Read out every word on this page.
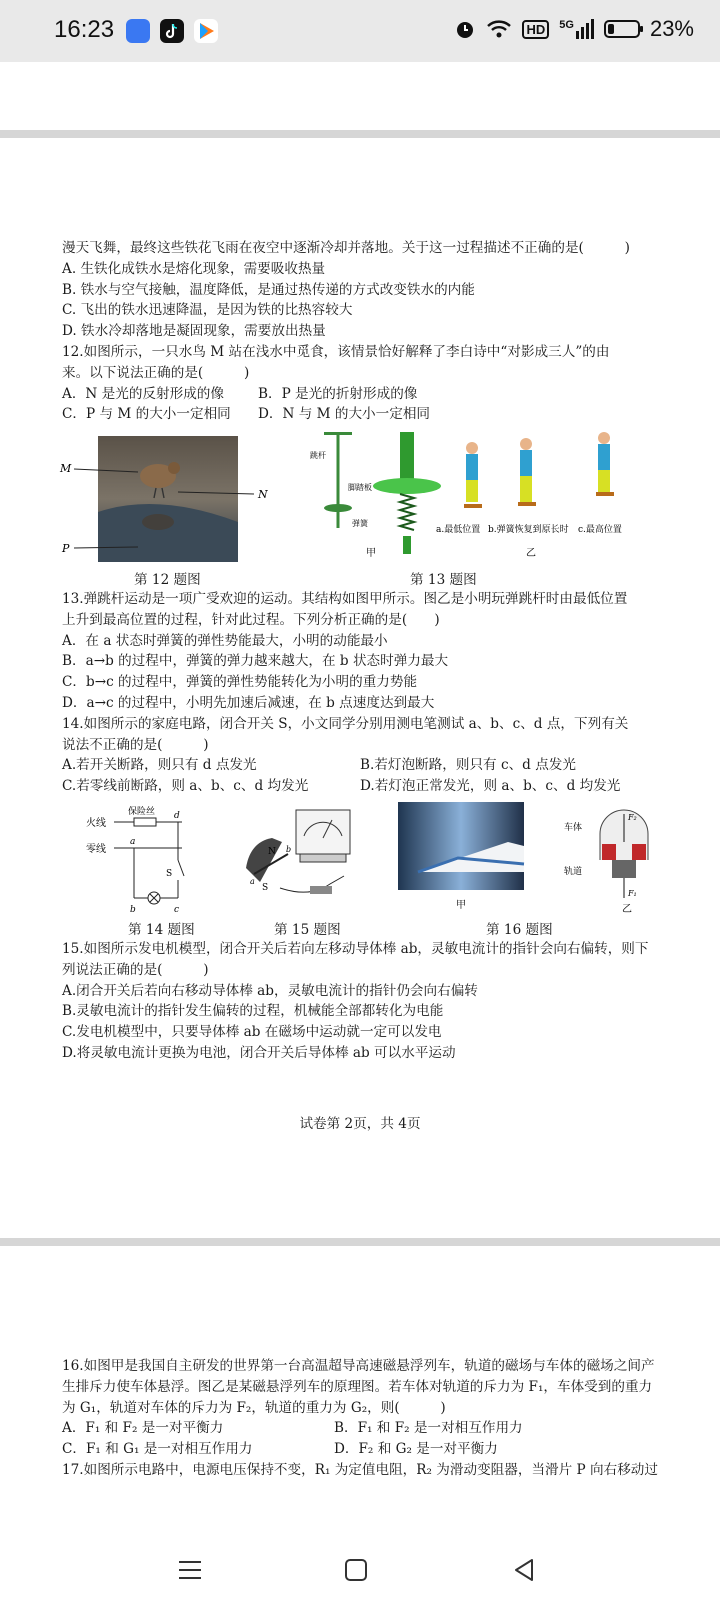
16:23	HD	5G	23%

漫天飞舞，最终这些铁花飞雨在夜空中逐渐冷却并落地。关于这一过程描述不正确的是(　　　)

A. 生铁化成铁水是熔化现象，需要吸收热量

B. 铁水与空气接触，温度降低，是通过热传递的方式改变铁水的内能

C. 飞出的铁水迅速降温，是因为铁的比热容较大

D. 铁水冷却落地是凝固现象，需要放出热量

12.如图所示，一只水鸟 M 站在浅水中觅食，该情景恰好解释了李白诗中“对影成三人”的由

来。以下说法正确的是(　　　)

A．N 是光的反射形成的像	B．P 是光的折射形成的像
C．P 与 M 的大小一定相同	D．N 与 M 的大小一定相同
M
N
P
跳杆
脚踏板
弹簧
a.最低位置 b.弹簧恢复到原长时 c.最高位置
甲	乙
第 12 题图	第 13 题图

13.弹跳杆运动是一项广受欢迎的运动。其结构如图甲所示。图乙是小明玩弹跳杆时由最低位置

上升到最高位置的过程，针对此过程。下列分析正确的是(　　)

A．在 a 状态时弹簧的弹性势能最大，小明的动能最小

B．a→b 的过程中，弹簧的弹力越来越大，在 b 状态时弹力最大

C．b→c 的过程中，弹簧的弹性势能转化为小明的重力势能

D．a→c 的过程中，小明先加速后减速，在 b 点速度达到最大

14.如图所示的家庭电路，闭合开关 S，小文同学分别用测电笔测试 a、b、c、d 点，下列有关

说法不正确的是(　　　)

A.若开关断路，则只有 d 点发光	B.若灯泡断路，则只有 c、d 点发光
C.若零线前断路，则 a、b、c、d 均发光	D.若灯泡正常发光，则 a、b、c、d 均发光
火线
零线
保险丝 d
a
S
b	c
N
S
a
b
甲
车体
轨道
F₂
F₁
乙
第 14 题图	第 15 题图	第 16 题图

15.如图所示发电机模型，闭合开关后若向左移动导体棒 ab，灵敏电流计的指针会向右偏转，则下

列说法正确的是(　　　)

A.闭合开关后若向右移动导体棒 ab，灵敏电流计的指针仍会向右偏转

B.灵敏电流计的指针发生偏转的过程，机械能全部都转化为电能

C.发电机模型中，只要导体棒 ab 在磁场中运动就一定可以发电

D.将灵敏电流计更换为电池，闭合开关后导体棒 ab 可以水平运动

试卷第 2页，共 4页

16.如图甲是我国自主研发的世界第一台高温超导高速磁悬浮列车，轨道的磁场与车体的磁场之间产

生排斥力使车体悬浮。图乙是某磁悬浮列车的原理图。若车体对轨道的斥力为 F₁，车体受到的重力

为 G₁，轨道对车体的斥力为 F₂，轨道的重力为 G₂，则(　　　)

A．F₁ 和 F₂ 是一对平衡力	B．F₁ 和 F₂ 是一对相互作用力
C．F₁ 和 G₁ 是一对相互作用力	D．F₂ 和 G₂ 是一对平衡力

17.如图所示电路中，电源电压保持不变，R₁ 为定值电阻，R₂ 为滑动变阻器，当滑片 P 向右移动过
